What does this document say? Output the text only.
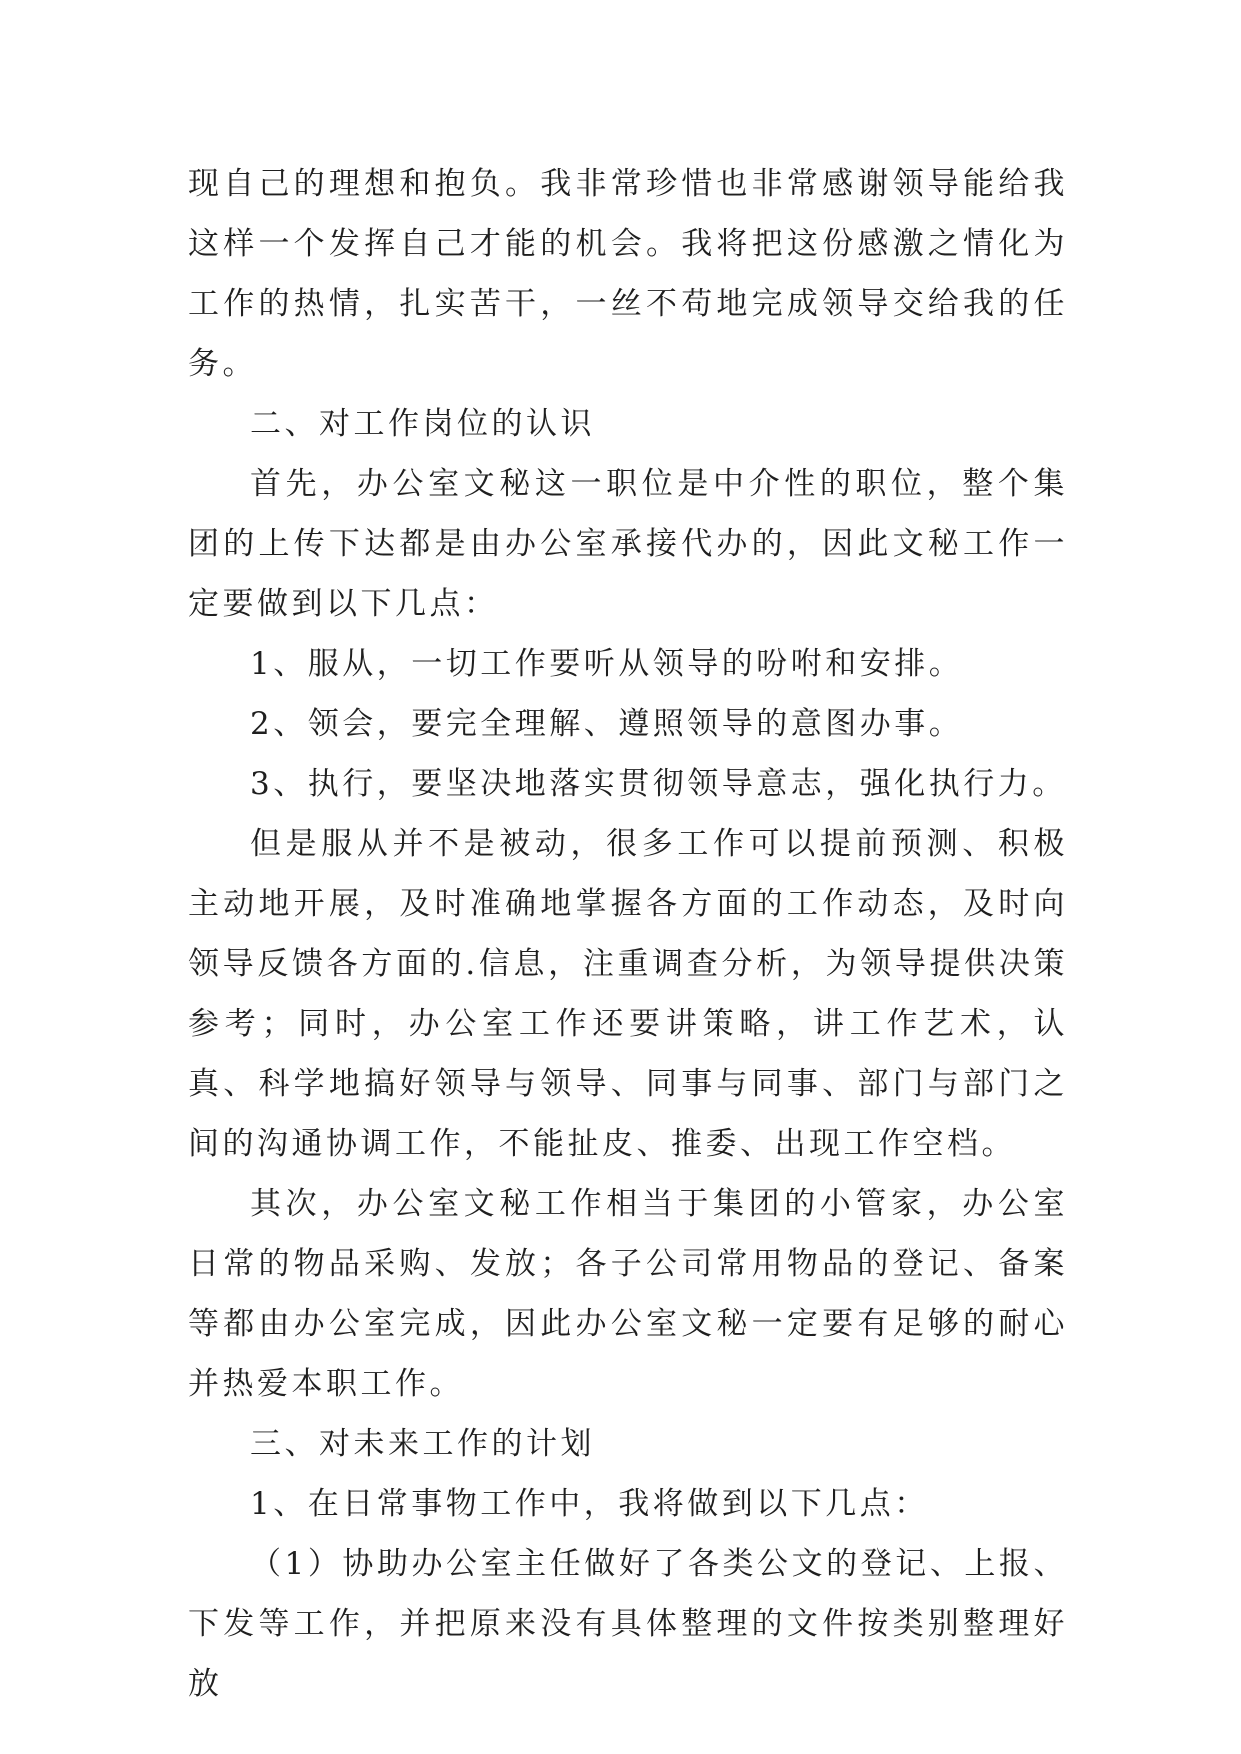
现自己的理想和抱负。我非常珍惜也非常感谢领导能给我这样一个发挥自己才能的机会。我将把这份感激之情化为工作的热情，扎实苦干，一丝不苟地完成领导交给我的任务。

二、对工作岗位的认识

首先，办公室文秘这一职位是中介性的职位，整个集团的上传下达都是由办公室承接代办的，因此文秘工作一定要做到以下几点：

1、服从，一切工作要听从领导的吩咐和安排。

2、领会，要完全理解、遵照领导的意图办事。

3、执行，要坚决地落实贯彻领导意志，强化执行力。

但是服从并不是被动，很多工作可以提前预测、积极主动地开展，及时准确地掌握各方面的工作动态，及时向领导反馈各方面的.信息，注重调查分析，为领导提供决策参考；同时，办公室工作还要讲策略，讲工作艺术，认真、科学地搞好领导与领导、同事与同事、部门与部门之间的沟通协调工作，不能扯皮、推委、出现工作空档。

其次，办公室文秘工作相当于集团的小管家，办公室日常的物品采购、发放；各子公司常用物品的登记、备案等都由办公室完成，因此办公室文秘一定要有足够的耐心并热爱本职工作。

三、对未来工作的计划

1、在日常事物工作中，我将做到以下几点：

（1）协助办公室主任做好了各类公文的登记、上报、下发等工作，并把原来没有具体整理的文件按类别整理好放
